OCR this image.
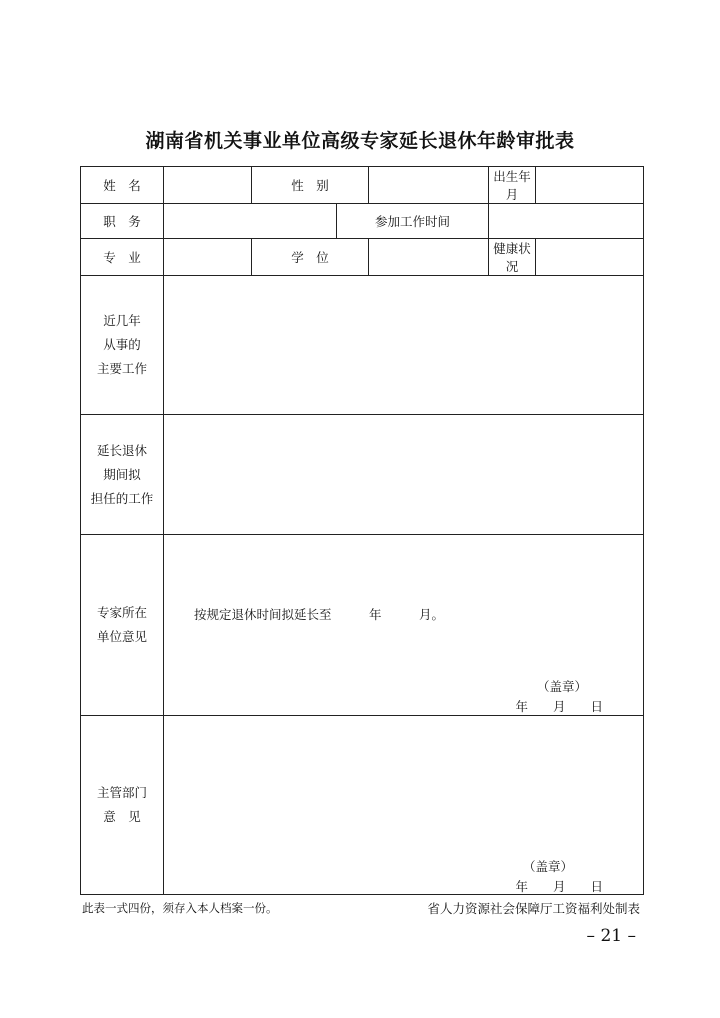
湖南省机关事业单位高级专家延长退休年龄审批表
姓　名		性　别			出生年月	
职　务			参加工作时间			
专　业		学　位			健康状况	

近几年
从事的
主要工作						

延长退休
期间拟
担任的工作						

专家所在
单位意见	按规定退休时间拟延长至　　　年　　　月。
（盖章）
年　　月　　日					

主管部门
意　见	（盖章）
年　　月　　日					
此表一式四份，须存入本人档案一份。	省人力资源社会保障厅工资福利处制表
– 21 –
